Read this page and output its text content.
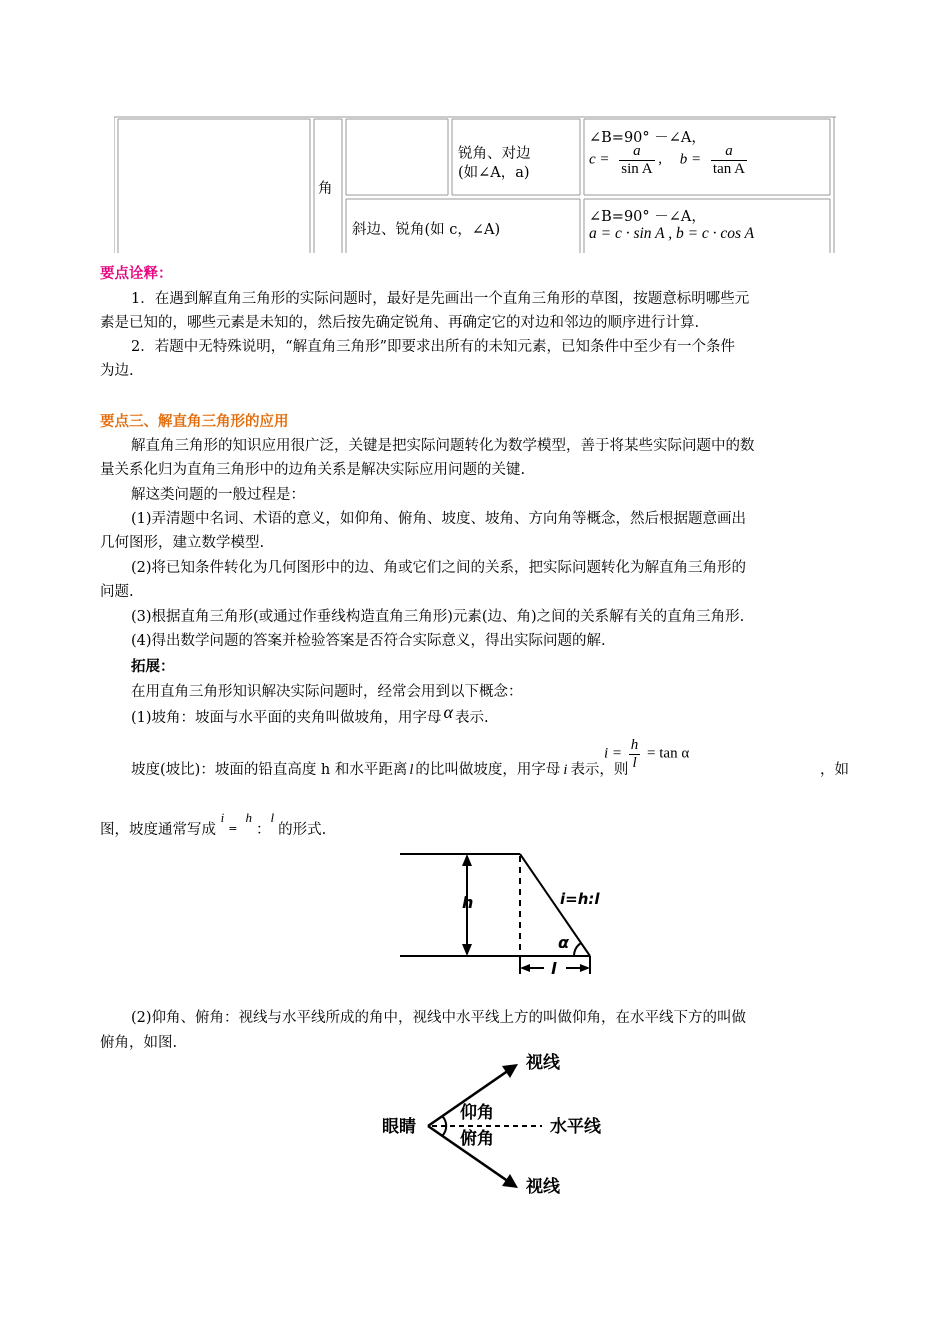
角
锐角、对边
(如∠A，a)
∠B=90° －∠A，
$c = \frac{a}{\text{sin A}}$ , $b = \frac{a}{\text{tan A}}$
斜边、锐角(如 c，∠A)
∠B=90° －∠A，
a = c · sin A , b = c · cos A
要点诠释：
1．在遇到解直角三角形的实际问题时，最好是先画出一个直角三角形的草图，按题意标明哪些元
素是已知的，哪些元素是未知的，然后按先确定锐角、再确定它的对边和邻边的顺序进行计算.
2．若题中无特殊说明，“解直角三角形”即要求出所有的未知元素，已知条件中至少有一个条件
为边.
要点三、解直角三角形的应用
解直角三角形的知识应用很广泛，关键是把实际问题转化为数学模型，善于将某些实际问题中的数
量关系化归为直角三角形中的边角关系是解决实际应用问题的关键.
解这类问题的一般过程是：
(1)弄清题中名词、术语的意义，如仰角、俯角、坡度、坡角、方向角等概念，然后根据题意画出
几何图形，建立数学模型.
(2)将已知条件转化为几何图形中的边、角或它们之间的关系，把实际问题转化为解直角三角形的
问题.
(3)根据直角三角形(或通过作垂线构造直角三角形)元素(边、角)之间的关系解有关的直角三角形.
(4)得出数学问题的答案并检验答案是否符合实际意义，得出实际问题的解.
拓展：
在用直角三角形知识解决实际问题时，经常会用到以下概念：
(1)坡角：坡面与水平面的夹角叫做坡角，用字母 α 表示.
坡度(坡比)：坡面的铅直高度 h 和水平距离 l 的比叫做坡度，用字母 i 表示，则
$i = \frac{h}{l} = \tan \alpha$
，如
图，坡度通常写成 i=h：l的形式.
h	i=h:l
α
l
(2)仰角、俯角：视线与水平线所成的角中，视线中水平线上方的叫做仰角，在水平线下方的叫做
俯角，如图.
视线
视线
眼睛
仰角
俯角
水平线
